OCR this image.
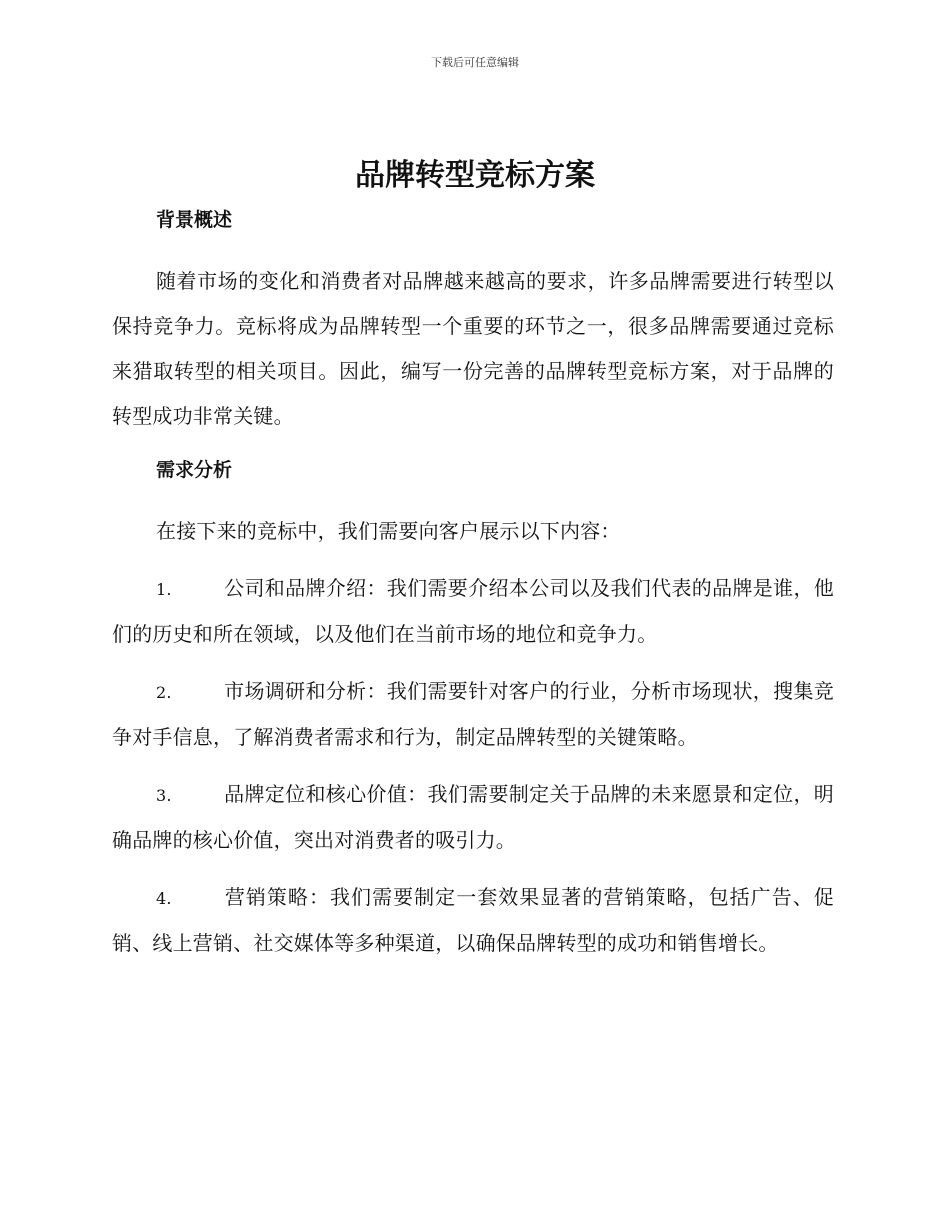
下载后可任意编辑
品牌转型竞标方案
背景概述

随着市场的变化和消费者对品牌越来越高的要求，许多品牌需要进行转型以保持竞争力。竞标将成为品牌转型一个重要的环节之一，很多品牌需要通过竞标来猎取转型的相关项目。因此，编写一份完善的品牌转型竞标方案，对于品牌的转型成功非常关键。

需求分析

在接下来的竞标中，我们需要向客户展示以下内容：

1.	公司和品牌介绍：我们需要介绍本公司以及我们代表的品牌是谁，他们的历史和所在领域，以及他们在当前市场的地位和竞争力。

2.	市场调研和分析：我们需要针对客户的行业，分析市场现状，搜集竞争对手信息，了解消费者需求和行为，制定品牌转型的关键策略。

3.	品牌定位和核心价值：我们需要制定关于品牌的未来愿景和定位，明确品牌的核心价值，突出对消费者的吸引力。

4.	营销策略：我们需要制定一套效果显著的营销策略，包括广告、促销、线上营销、社交媒体等多种渠道，以确保品牌转型的成功和销售增长。
